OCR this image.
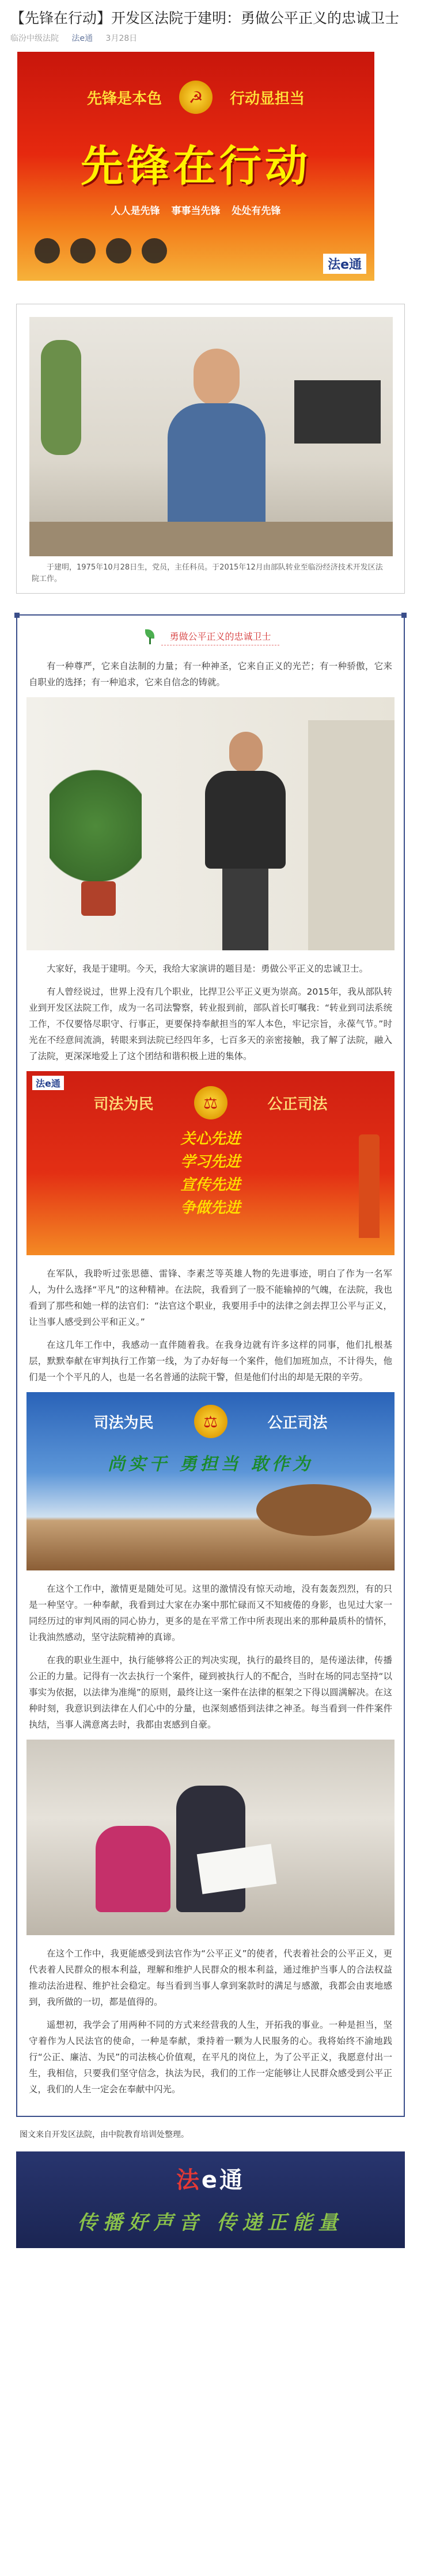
【先锋在行动】开发区法院于建明：勇做公平正义的忠诚卫士
临汾中级法院 法e通 3月28日
先锋是本色	☭	行动显担当
先锋在行动
人人是先锋 事事当先锋 处处有先锋
法e通

于建明，1975年10月28日生，党员，主任科员。于2015年12月由部队转业至临汾经济技术开发区法院工作。

勇做公平正义的忠诚卫士

有一种尊严，它来自法制的力量；有一种神圣，它来自正义的光芒；有一种骄傲，它来自职业的选择；有一种追求，它来自信念的铸就。

大家好，我是于建明。今天，我给大家演讲的题目是：勇做公平正义的忠诚卫士。

有人曾经说过，世界上没有几个职业，比捍卫公平正义更为崇高。2015年，我从部队转业到开发区法院工作，成为一名司法警察，转业报到前，部队首长叮嘱我：“转业到司法系统工作，不仅要恪尽职守、行事正，更要保持奉献担当的军人本色，牢记宗旨，永葆气节。”时光在不经意间流淌，转眼来到法院已经四年多，七百多天的亲密接触，我了解了法院，融入了法院，更深深地爱上了这个团结和谐积极上进的集体。

法e通
司法为民	⚖	公正司法
关心先进
学习先进
宣传先进
争做先进

在军队，我聆听过张思德、雷锋、李素芝等英雄人物的先进事迹，明白了作为一名军人，为什么选择“平凡”的这种精神。在法院，我看到了一股不能输掉的气魄，在法院，我也看到了那些和她一样的法官们：“法官这个职业，我要用手中的法律之剑去捍卫公平与正义，让当事人感受到公平和正义。”

在这几年工作中，我感动一直伴随着我。在我身边就有许多这样的同事，他们扎根基层，默默奉献在审判执行工作第一线，为了办好每一个案件，他们加班加点，不计得失，他们是一个个平凡的人，也是一名名普通的法院干警，但是他们付出的却是无限的辛劳。

司法为民	⚖	公正司法
尚实干 勇担当 敢作为

在这个工作中，激情更是随处可见。这里的激情没有惊天动地，没有轰轰烈烈，有的只是一种坚守。一种奉献，我看到过大家在办案中那忙碌而又不知疲倦的身影，也见过大家一同经历过的审判风雨的同心协力，更多的是在平常工作中所表现出来的那种最质朴的情怀，让我油然感动，坚守法院精神的真谛。

在我的职业生涯中，执行能够将公正的判决实现，执行的最终目的，是传递法律，传播公正的力量。记得有一次去执行一个案件，碰到被执行人的不配合，当时在场的同志坚持“以事实为依据，以法律为准绳”的原则，最终让这一案件在法律的框架之下得以圆满解决。在这种时刻，我意识到法律在人们心中的分量，也深刻感悟到法律之神圣。每当看到一件件案件执结，当事人满意离去时，我都由衷感到自豪。

在这个工作中，我更能感受到法官作为“公平正义”的使者，代表着社会的公平正义，更代表着人民群众的根本利益，理解和维护人民群众的根本利益，通过维护当事人的合法权益推动法治进程、维护社会稳定。每当看到当事人拿到案款时的满足与感激，我都会由衷地感到，我所做的一切，都是值得的。

遥想初，我学会了用两种不同的方式来经营我的人生，开拓我的事业。一种是担当，坚守着作为人民法官的使命，一种是奉献，秉持着一颗为人民服务的心。我将始终不渝地践行“公正、廉洁、为民”的司法核心价值观，在平凡的岗位上，为了公平正义，我愿意付出一生，我相信，只要我们坚守信念，执法为民，我们的工作一定能够让人民群众感受到公平正义，我们的人生一定会在奉献中闪光。

图文来自开发区法院，由中院教育培训处整理。

法e通
传播好声音 传递正能量
